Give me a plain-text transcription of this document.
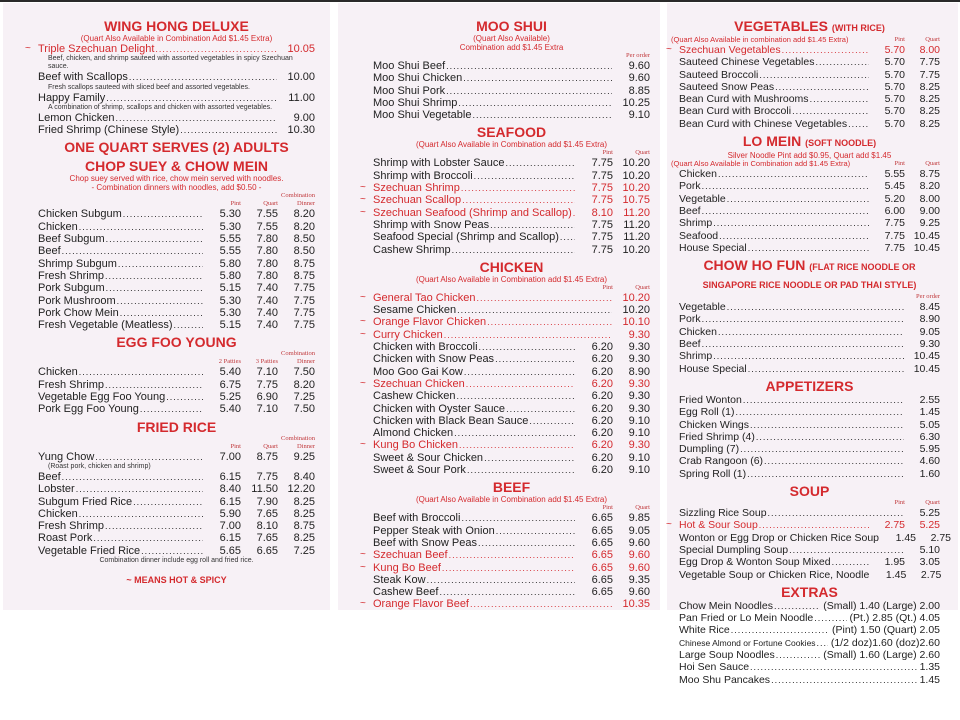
WING HONG DELUXE
(Quart Also Available in Combination Add $1.45 Extra)
~ Triple Szechuan Delight .....	10.05
Beef, chicken, and shrimp sauteed with assorted vegetables in spicy Szechuan sauce.
Beef with Scallops .....	10.00
Fresh scallops sauteed with sliced beef and assorted vegetables.
Happy Family .....	11.00
A combination of shrimp, scallops and chicken with assorted vegetables.
Lemon Chicken .....	9.00
Fried Shrimp (Chinese Style) .....	10.30
ONE QUART SERVES (2) ADULTS
CHOP SUEY & CHOW MEIN
Chop suey served with rice, chow mein served with noodles.
- Combination dinners with noodles, add $0.50 -
Combination
Pint	Quart	Dinner
Chicken Subgum .....	5.30	7.55	8.20
Chicken .....	5.30	7.55	8.20
Beef Subgum .....	5.55	7.80	8.50
Beef .....	5.55	7.80	8.50
Shrimp Subgum .....	5.80	7.80	8.75
Fresh Shrimp .....	5.80	7.80	8.75
Pork Subgum .....	5.15	7.40	7.75
Pork Mushroom .....	5.30	7.40	7.75
Pork Chow Mein .....	5.30	7.40	7.75
Fresh Vegetable (Meatless) .....	5.15	7.40	7.75
EGG FOO YOUNG
Combination
2 Patties	3 Patties	Dinner
Chicken .....	5.40	7.10	7.50
Fresh Shrimp .....	6.75	7.75	8.20
Vegetable Egg Foo Young .....	5.25	6.90	7.25
Pork Egg Foo Young .....	5.40	7.10	7.50
FRIED RICE
Combination
Pint	Quart	Dinner
Yung Chow .....	7.00	8.75	9.25
(Roast pork, chicken and shrimp)
Beef .....	6.15	7.75	8.40
Lobster .....	8.40 11.50 12.20
Subgum Fried Rice .....	6.15	7.90	8.25
Chicken .....	5.90	7.65	8.25
Fresh Shrimp .....	7.00	8.10	8.75
Roast Pork .....	6.15	7.65	8.25
Vegetable Fried Rice .....	5.65	6.65	7.25
Combination dinner include egg roll and fried rice.
~ MEANS HOT & SPICY
MOO SHUI
(Quart Also Available)
Combination add $1.45 Extra
Per order
Moo Shui Beef .....	9.60
Moo Shui Chicken .....	9.60
Moo Shui Pork .....	8.85
Moo Shui Shrimp .....	10.25
Moo Shui Vegetable .....	9.10
SEAFOOD
(Quart Also Available in Combination add $1.45 Extra)
Pint	Quart
Shrimp with Lobster Sauce .....	7.75 10.20
Shrimp with Broccoli .....	7.75 10.20
~ Szechuan Shrimp .....	7.75 10.20
~ Szechuan Scallop .....	7.75 10.75
~ Szechuan Seafood (Shrimp and Scallop) .....	8.10 11.20
Shrimp with Snow Peas .....	7.75 11.20
Seafood Special (Shrimp and Scallop) .....	7.75 11.20
Cashew Shrimp .....	7.75 10.20
CHICKEN
(Quart Also Available in Combination add $1.45 Extra)
Pint	Quart
~ General Tao Chicken .....	10.20
Sesame Chicken .....	10.20
~ Orange Flavor Chicken .....	10.10
~ Curry Chicken .....	9.30
Chicken with Broccoli .....	6.20	9.30
Chicken with Snow Peas .....	6.20	9.30
Moo Goo Gai Kow .....	6.20	8.90
~ Szechuan Chicken .....	6.20	9.30
Cashew Chicken .....	6.20	9.30
Chicken with Oyster Sauce .....	6.20	9.30
Chicken with Black Bean Sauce .....	6.20	9.10
Almond Chicken .....	6.20	9.10
~ Kung Bo Chicken .....	6.20	9.30
Sweet & Sour Chicken .....	6.20	9.10
Sweet & Sour Pork .....	6.20	9.10
BEEF
(Quart Also Available in Combination add $1.45 Extra)
Pint	Quart
Beef with Broccoli .....	6.65	9.85
Pepper Steak with Onion .....	6.65	9.05
Beef with Snow Peas .....	6.65	9.60
~ Szechuan Beef .....	6.65	9.60
~ Kung Bo Beef .....	6.65	9.60
Steak Kow .....	6.65	9.35
Cashew Beef .....	6.65	9.60
~ Orange Flavor Beef .....	10.35
VEGETABLES (WITH RICE)
(Quart Also Available in combination add $1.45 Extra)	Pint	Quart
~ Szechuan Vegetables .....	5.70	8.00
Sauteed Chinese Vegetables .....	5.70	7.75
Sauteed Broccoli .....	5.70	7.75
Sauteed Snow Peas .....	5.70	8.25
Bean Curd with Mushrooms .....	5.70	8.25
Bean Curd with Broccoli .....	5.70	8.25
Bean Curd with Chinese Vegetables .....	5.70	8.25
LO MEIN (SOFT NOODLE)
Silver Noodle Pint add $0.95, Quart add $1.45
(Quart Also Available in Combination add $1.45 Extra)	Pint	Quart
Chicken .....	5.55	8.75
Pork .....	5.45	8.20
Vegetable .....	5.20	8.00
Beef .....	6.00	9.00
Shrimp .....	7.75	9.25
Seafood .....	7.75 10.45
House Special .....	7.75 10.45
CHOW HO FUN (FLAT RICE NOODLE OR SINGAPORE RICE NOODLE OR PAD THAI STYLE)
Per order
Vegetable .....	8.45
Pork .....	8.90
Chicken .....	9.05
Beef .....	9.30
Shrimp .....	10.45
House Special .....	10.45
APPETIZERS
Fried Wonton .....	2.55
Egg Roll (1) .....	1.45
Chicken Wings .....	5.05
Fried Shrimp (4) .....	6.30
Dumpling (7) .....	5.95
Crab Rangoon (6) .....	4.60
Spring Roll (1) .....	1.60
SOUP
Pint	Quart
Sizzling Rice Soup .....	5.25
~ Hot & Sour Soup .....	2.75	5.25
Wonton or Egg Drop or Chicken Rice Soup	1.45	2.75
Special Dumpling Soup .....	5.10
Egg Drop & Wonton Soup Mixed .....	1.95	3.05
Vegetable Soup or Chicken Rice, Noodle	1.45	2.75
EXTRAS
Chow Mein Noodles .....	(Small) 1.40 (Large) 2.00
Pan Fried or Lo Mein Noodle .....	(Pt.) 2.85 (Qt.) 4.05
White Rice .....	(Pint) 1.50 (Quart) 2.05
Chinese Almond or Fortune Cookies ..... (1/2 doz)1.60 (doz)2.60
Large Soup Noodles .....	(Small) 1.60 (Large) 2.60
Hoi Sen Sauce .....	1.35
Moo Shu Pancakes .....	1.45
